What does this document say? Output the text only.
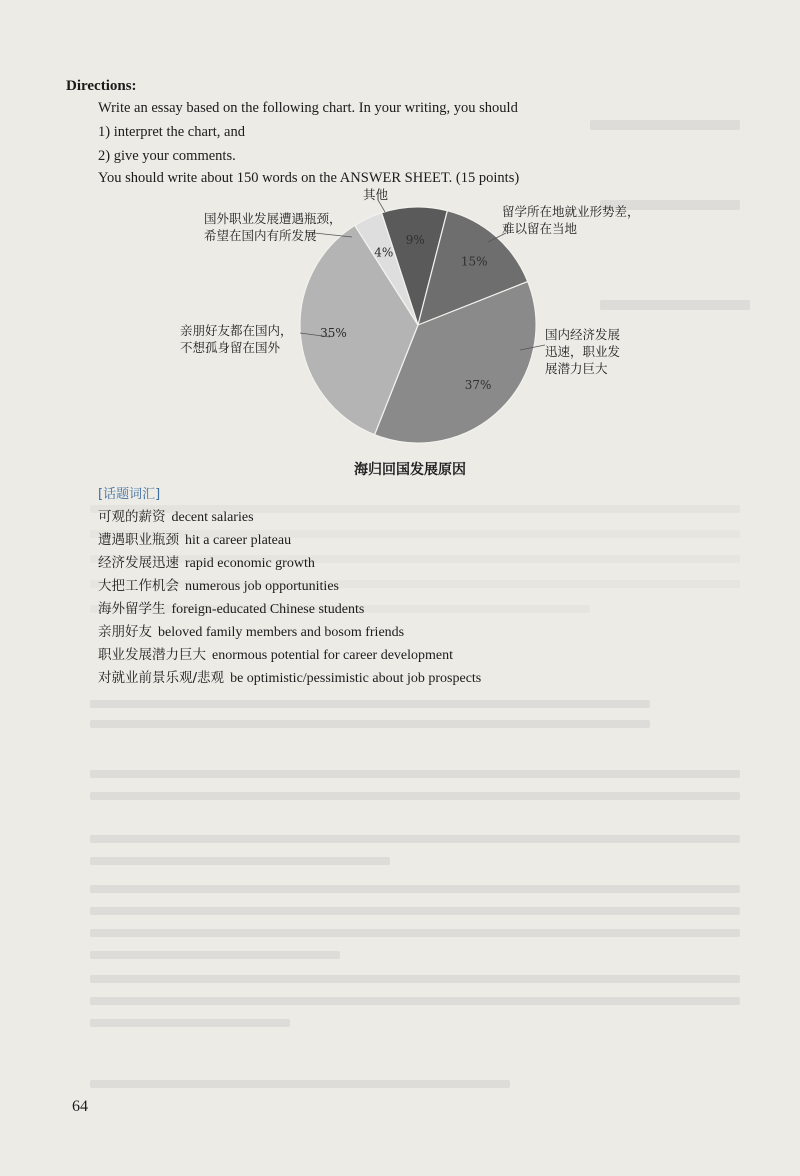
Directions:
Write an essay based on the following chart. In your writing, you should
1) interpret the chart, and
2) give your comments.
You should write about 150 words on the ANSWER SHEET. (15 points)
9%
15%
37%
35%
4%
其他
国外职业发展遭遇瓶颈，
希望在国内有所发展
留学所在地就业形势差，
难以留在当地
国内经济发展
迅速，职业发
展潜力巨大
亲朋好友都在国内，
不想孤身留在国外
海归回国发展原因
[话题词汇]
可观的薪资 decent salaries
遭遇职业瓶颈 hit a career plateau
经济发展迅速 rapid economic growth
大把工作机会 numerous job opportunities
海外留学生 foreign-educated Chinese students
亲朋好友 beloved family members and bosom friends
职业发展潜力巨大 enormous potential for career development
对就业前景乐观/悲观 be optimistic/pessimistic about job prospects
64
